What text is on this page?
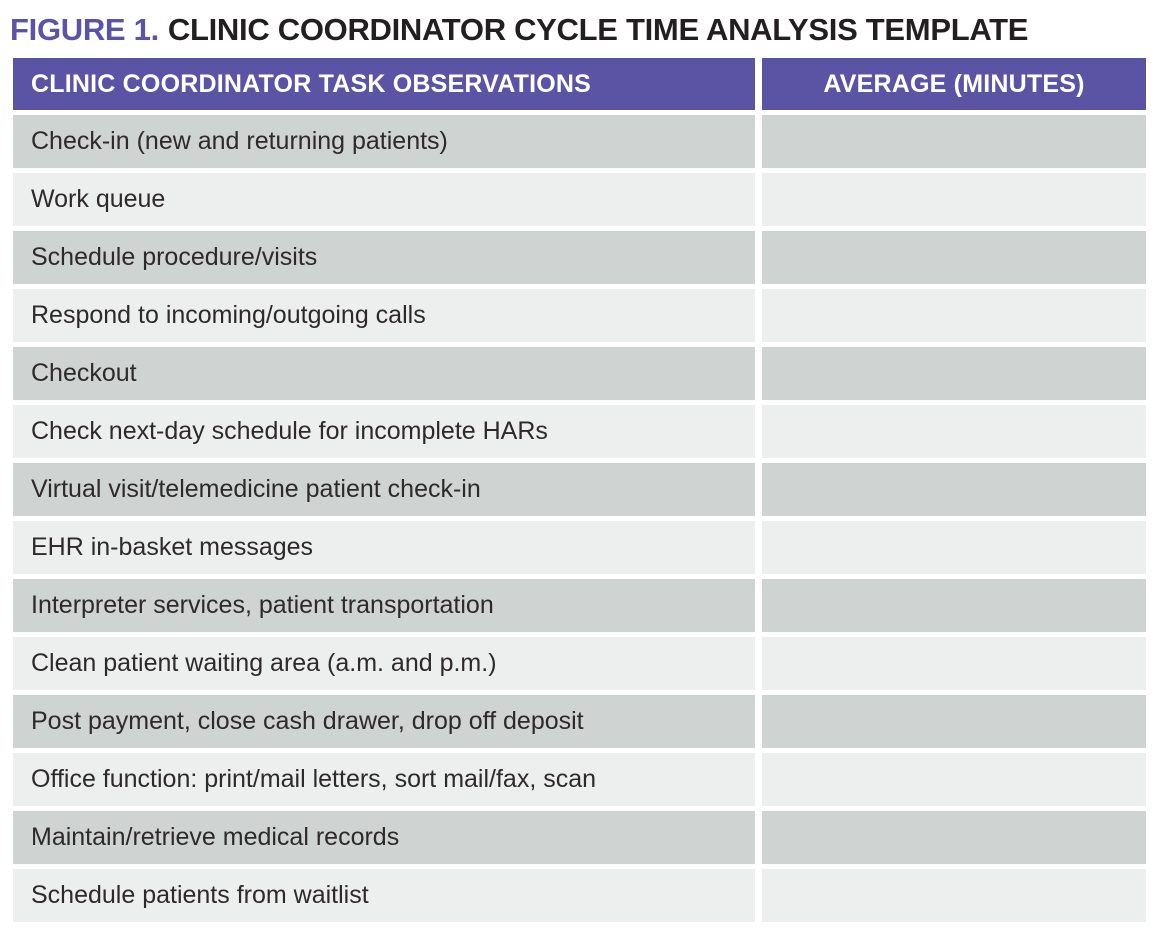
FIGURE 1. CLINIC COORDINATOR CYCLE TIME ANALYSIS TEMPLATE
CLINIC COORDINATOR TASK OBSERVATIONS	AVERAGE (MINUTES)
Check-in (new and returning patients)
Work queue
Schedule procedure/visits
Respond to incoming/outgoing calls
Checkout
Check next-day schedule for incomplete HARs
Virtual visit/telemedicine patient check-in
EHR in-basket messages
Interpreter services, patient transportation
Clean patient waiting area (a.m. and p.m.)
Post payment, close cash drawer, drop off deposit
Office function: print/mail letters, sort mail/fax, scan
Maintain/retrieve medical records
Schedule patients from waitlist
